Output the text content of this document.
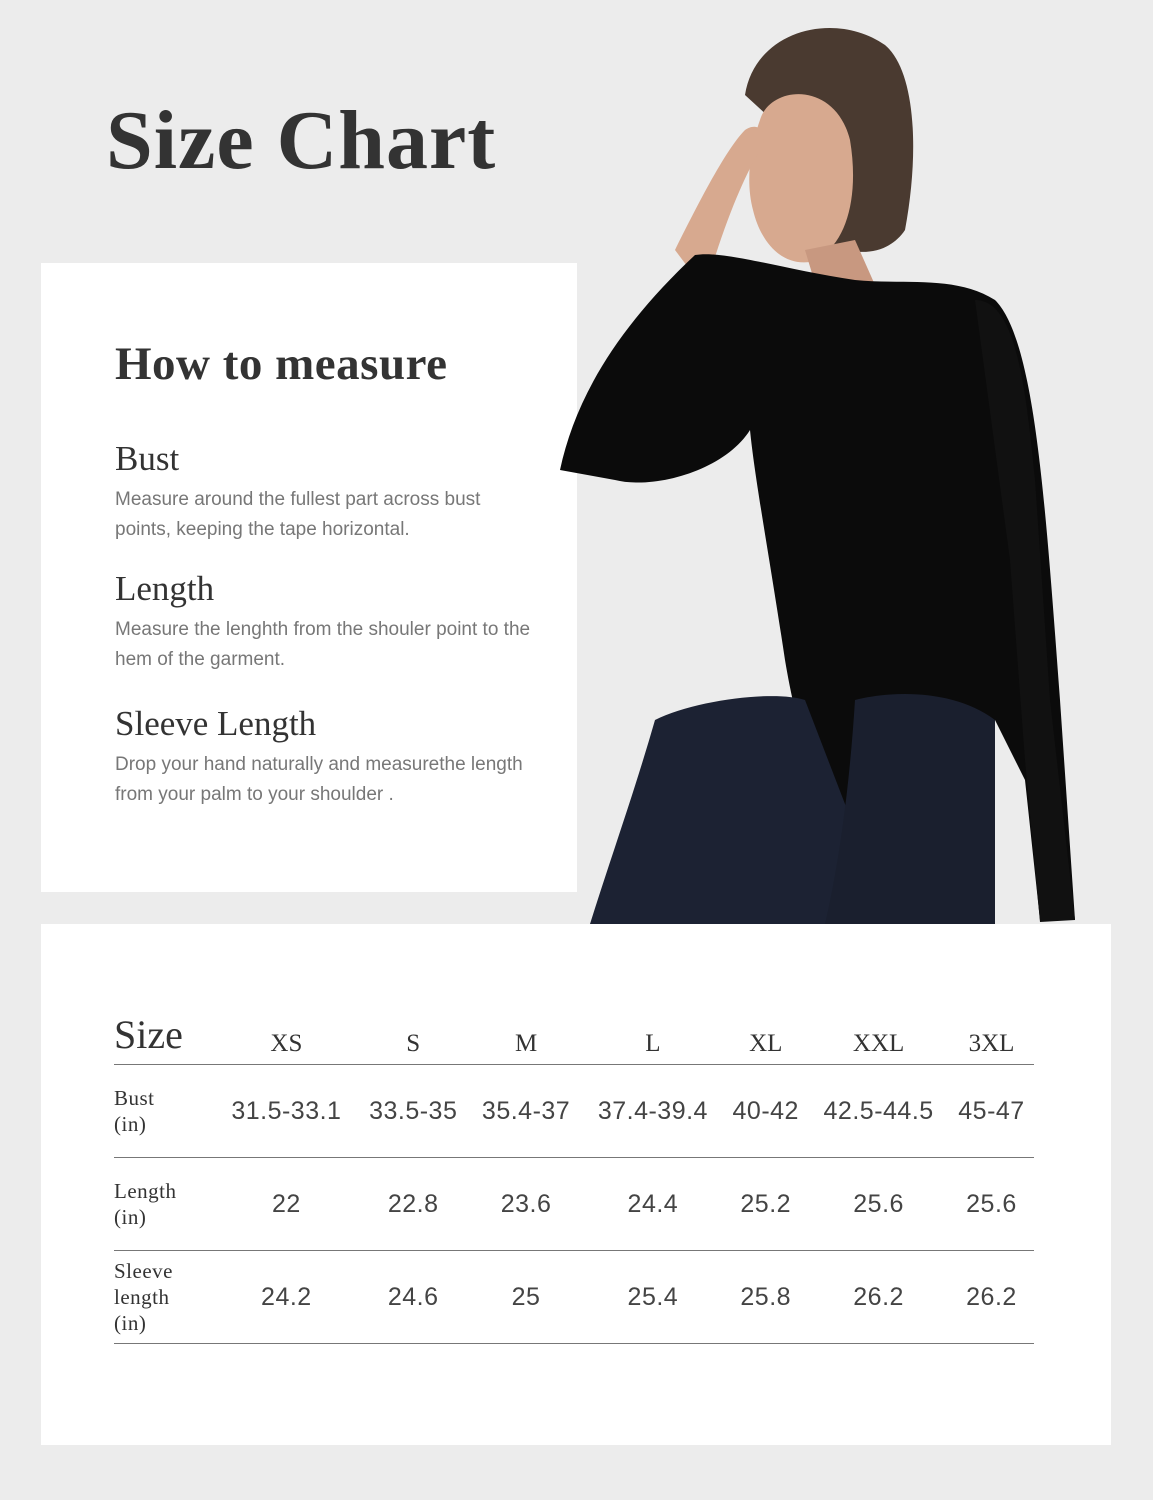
Size Chart
How to measure
Bust

Measure around the fullest part across bust points, keeping the tape horizontal.

Length

Measure the lenghth from the shouler point to the hem of the garment.

Sleeve Length

Drop your hand naturally and measurethe length from your palm to your shoulder .

Size	XS	S	M	L	XL	XXL	3XL

Bust
(in)	31.5-33.1	33.5-35	35.4-37	37.4-39.4	40-42	42.5-44.5	45-47

Length
(in)	22	22.8	23.6	24.4	25.2	25.6	25.6

Sleeve length
(in)	24.2	24.6	25	25.4	25.8	26.2	26.2
